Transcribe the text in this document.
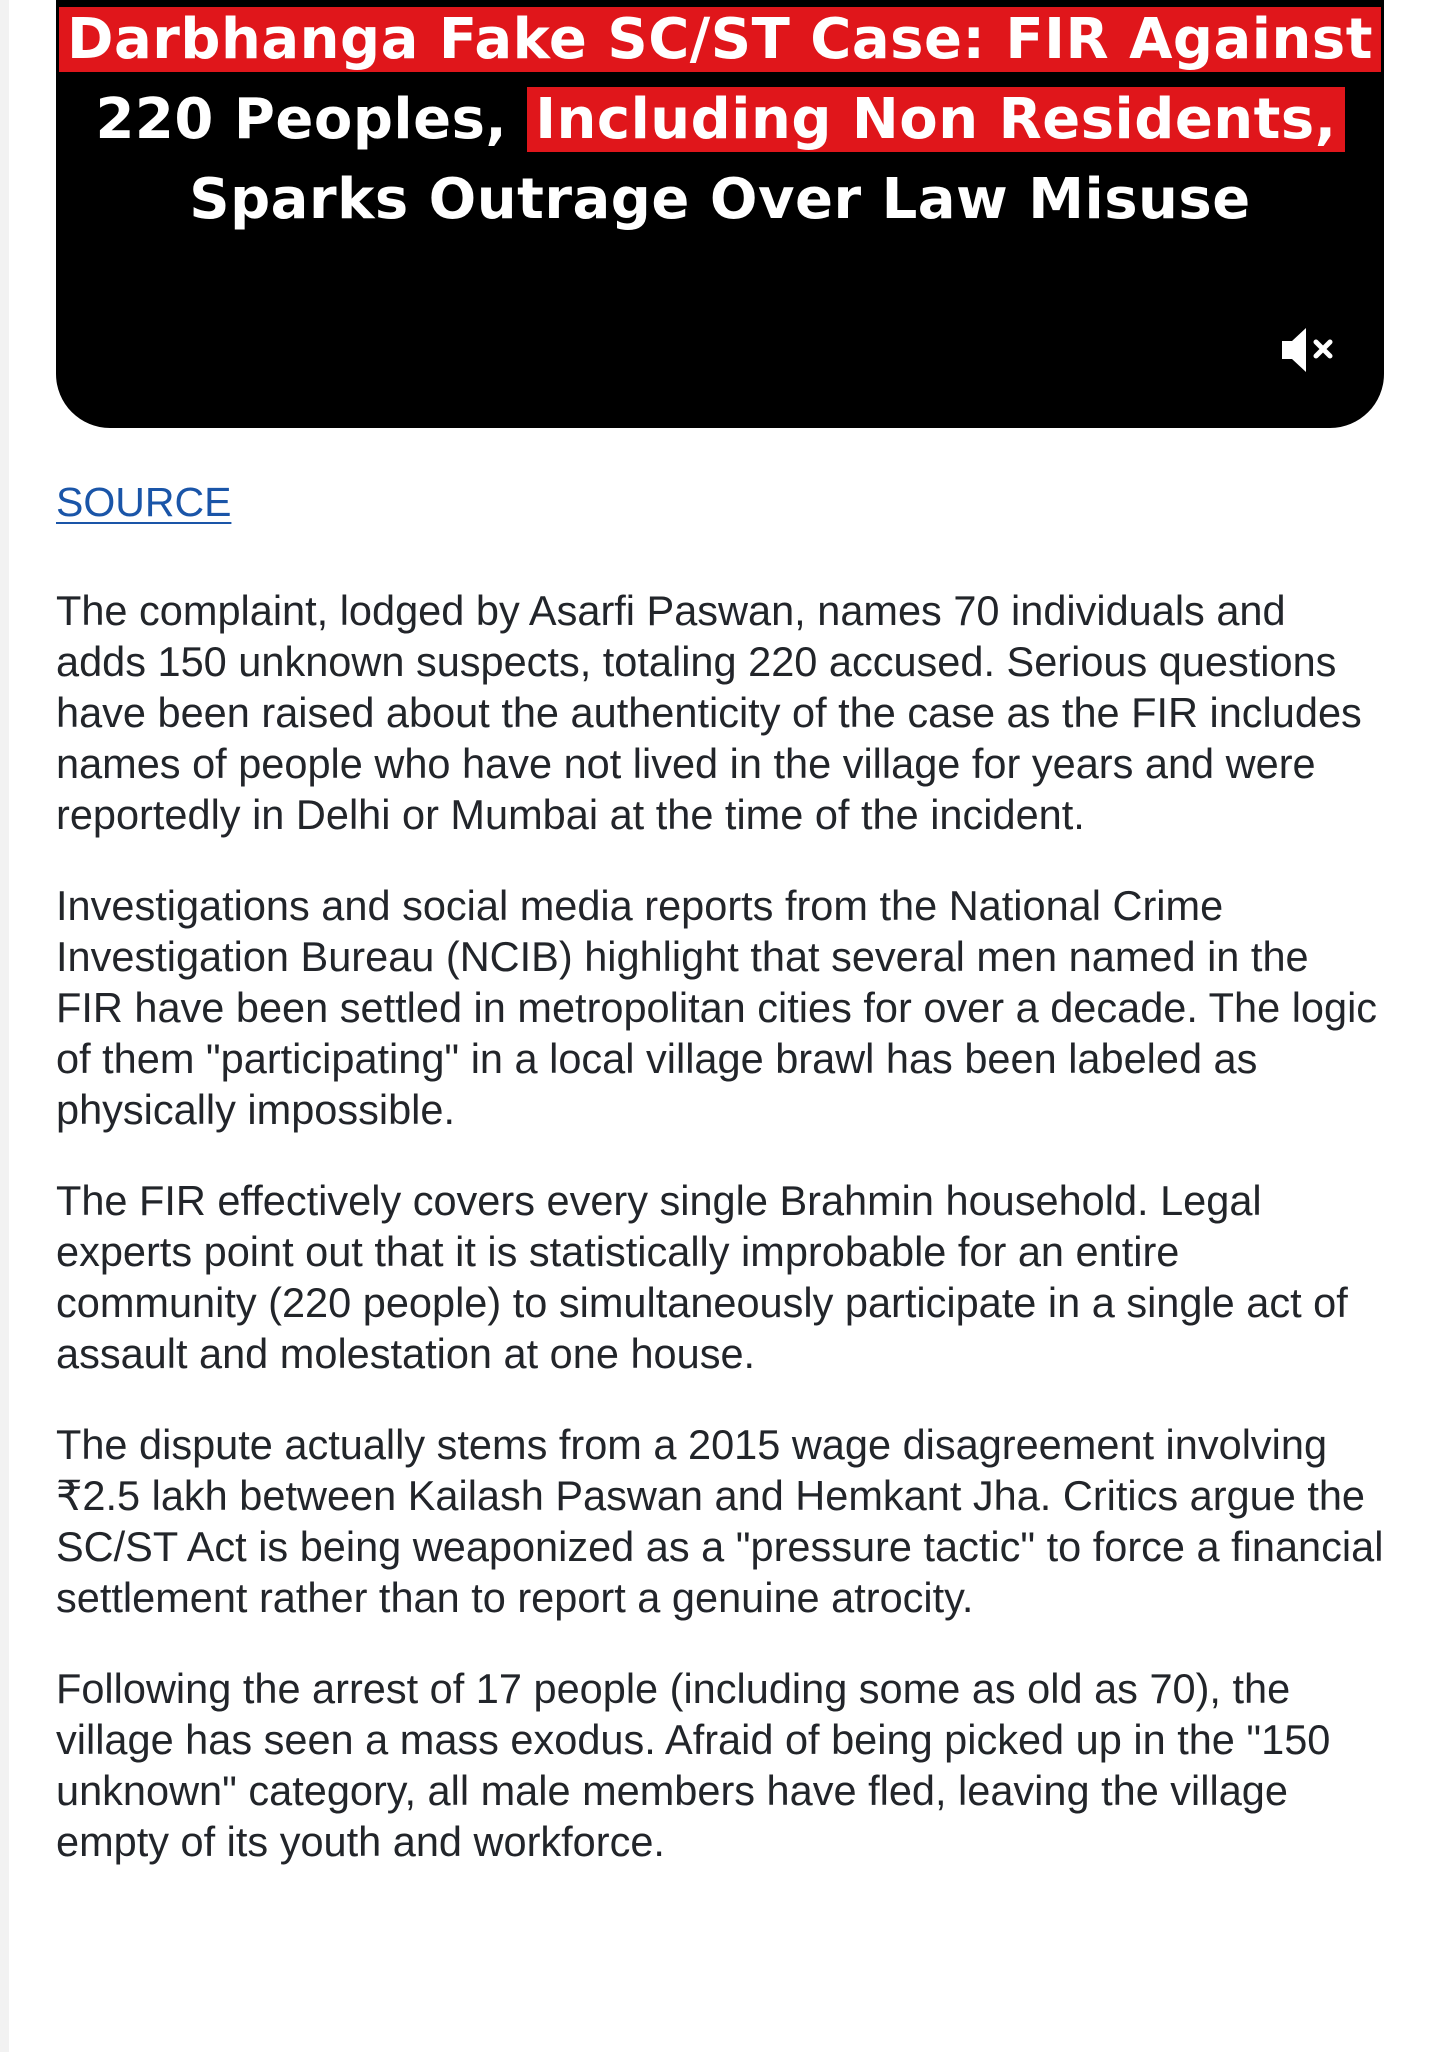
Darbhanga Fake SC/ST Case: FIR Against
220 Peoples, Including Non Residents,
Sparks Outrage Over Law Misuse
SOURCE

The complaint, lodged by Asarfi Paswan, names 70 individuals and adds 150 unknown suspects, totaling 220 accused. Serious questions have been raised about the authenticity of the case as the FIR includes names of people who have not lived in the village for years and were reportedly in Delhi or Mumbai at the time of the incident.

Investigations and social media reports from the National Crime Investigation Bureau (NCIB) highlight that several men named in the FIR have been settled in metropolitan cities for over a decade. The logic of them "participating" in a local village brawl has been labeled as physically impossible.

The FIR effectively covers every single Brahmin household. Legal experts point out that it is statistically improbable for an entire community (220 people) to simultaneously participate in a single act of assault and molestation at one house.

The dispute actually stems from a 2015 wage disagreement involving ₹2.5 lakh between Kailash Paswan and Hemkant Jha. Critics argue the SC/ST Act is being weaponized as a "pressure tactic" to force a financial settlement rather than to report a genuine atrocity.

Following the arrest of 17 people (including some as old as 70), the village has seen a mass exodus. Afraid of being picked up in the "150 unknown" category, all male members have fled, leaving the village empty of its youth and workforce.
